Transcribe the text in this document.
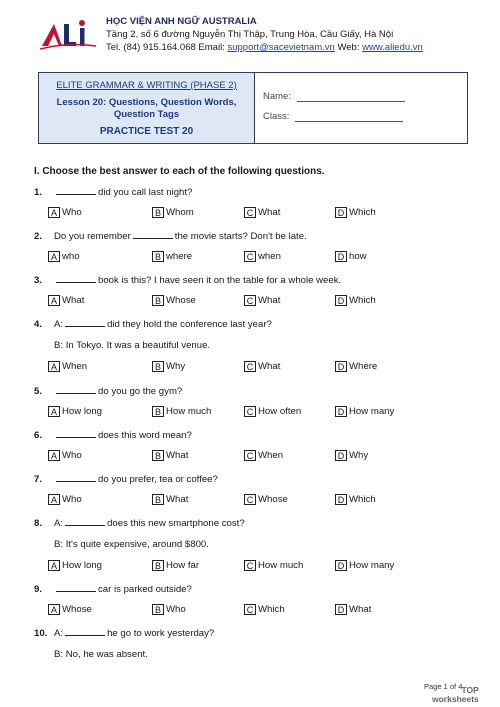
HỌC VIỆN ANH NGỮ AUSTRALIA
Tầng 2, số 6 đường Nguyễn Thị Thập, Trung Hòa, Cầu Giấy, Hà Nội
Tel. (84) 915.164.068 Email: support@sacevietnam.vn Web: www.aliedu.vn
ELITE GRAMMAR & WRITING (PHASE 2)
Lesson 20: Questions, Question Words,
Question Tags
PRACTICE TEST 20
Name:
Class:
I. Choose the best answer to each of the following questions.
1.	did you call last night?
A Who	B Whom	C What	D Which
2. Do you remember	the movie starts? Don't be late.
A who	B where	C when	D how
3.	book is this? I have seen it on the table for a whole week.
A What	B Whose	C What	D Which
4. A:	did they hold the conference last year?
B: In Tokyo. It was a beautiful venue.
A When	B Why	C What	D Where
5.	do you go the gym?
A How long	B How much	C How often	D How many
6.	does this word mean?
A Who	B What	C When	D Why
7.	do you prefer, tea or coffee?
A Who	B What	C Whose	D Which
8. A:	does this new smartphone cost?
B: It's quite expensive, around $800.
A How long	B How far	C How much	D How many
9.	car is parked outside?
A Whose	B Who	C Which	D What
10. A:	he go to work yesterday?
B: No, he was absent.
Page 1 of 4 TOP
worksheets
